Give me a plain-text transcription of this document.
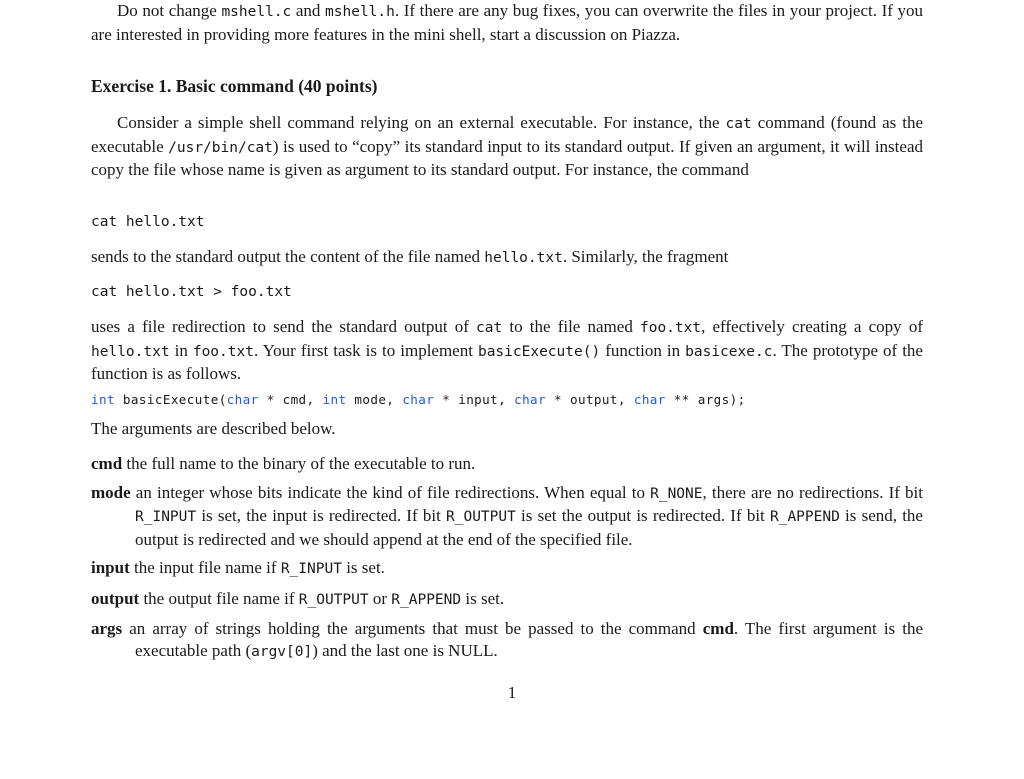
Do not change mshell.c and mshell.h. If there are any bug fixes, you can overwrite the files in your project. If you are interested in providing more features in the mini shell, start a discussion on Piazza.

Exercise 1. Basic command (40 points)

Consider a simple shell command relying on an external executable. For instance, the cat command (found as the executable /usr/bin/cat) is used to “copy” its standard input to its standard output. If given an argument, it will instead copy the file whose name is given as argument to its standard output. For instance, the command

cat hello.txt

sends to the standard output the content of the file named hello.txt. Similarly, the fragment

cat hello.txt > foo.txt

uses a file redirection to send the standard output of cat to the file named foo.txt, effectively creating a copy of hello.txt in foo.txt. Your first task is to implement basicExecute() function in basicexe.c. The prototype of the function is as follows.

int basicExecute(char * cmd, int mode, char * input, char * output, char ** args);
The arguments are described below.
cmd the full name to the binary of the executable to run.
mode an integer whose bits indicate the kind of file redirections. When equal to R_NONE, there are no redirections. If bit R_INPUT is set, the input is redirected. If bit R_OUTPUT is set the output is redirected. If bit R_APPEND is send, the output is redirected and we should append at the end of the specified file.
input the input file name if R_INPUT is set.
output the output file name if R_OUTPUT or R_APPEND is set.
args an array of strings holding the arguments that must be passed to the command cmd. The first argument is the executable path (argv[0]) and the last one is NULL.
1
